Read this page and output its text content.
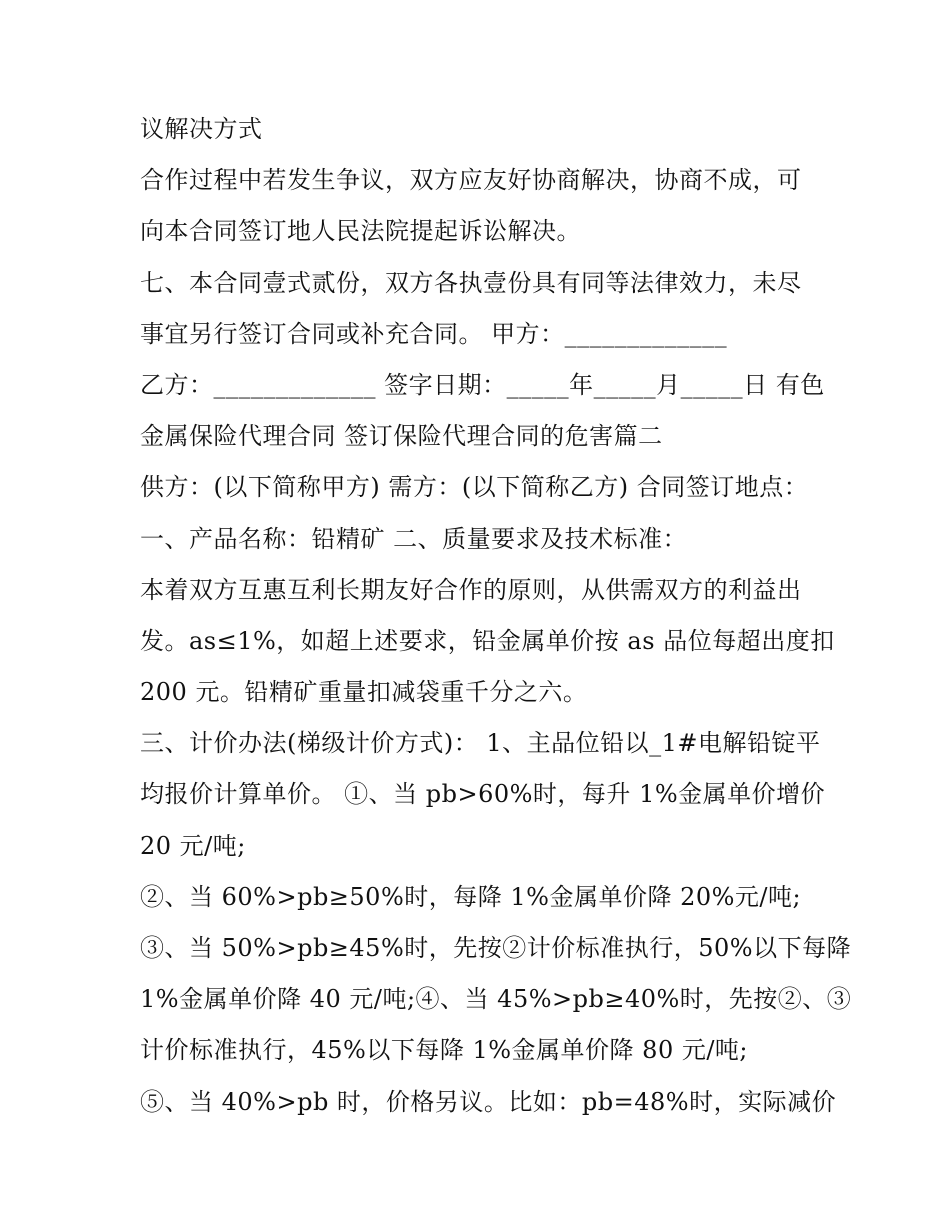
议解决方式
合作过程中若发生争议，双方应友好协商解决，协商不成，可
向本合同签订地人民法院提起诉讼解决。
七、本合同壹式贰份，双方各执壹份具有同等法律效力，未尽
事宜另行签订合同或补充合同。 甲方：_____________
乙方：_____________ 签字日期：_____年_____月_____日 有色
金属保险代理合同 签订保险代理合同的危害篇二
供方：(以下简称甲方) 需方：(以下简称乙方) 合同签订地点：
一、产品名称：铅精矿 二、质量要求及技术标准：
本着双方互惠互利长期友好合作的原则，从供需双方的利益出
发。as≤1%，如超上述要求，铅金属单价按 as 品位每超出度扣
200 元。铅精矿重量扣减袋重千分之六。
三、计价办法(梯级计价方式)： 1、主品位铅以_1#电解铅锭平
均报价计算单价。 ①、当 pb>60%时，每升 1%金属单价增价
20 元/吨;
②、当 60%>pb≥50%时，每降 1%金属单价降 20%元/吨;
③、当 50%>pb≥45%时，先按②计价标准执行，50%以下每降
1%金属单价降 40 元/吨;④、当 45%>pb≥40%时，先按②、③
计价标准执行，45%以下每降 1%金属单价降 80 元/吨;
⑤、当 40%>pb 时，价格另议。比如：pb=48%时，实际减价
